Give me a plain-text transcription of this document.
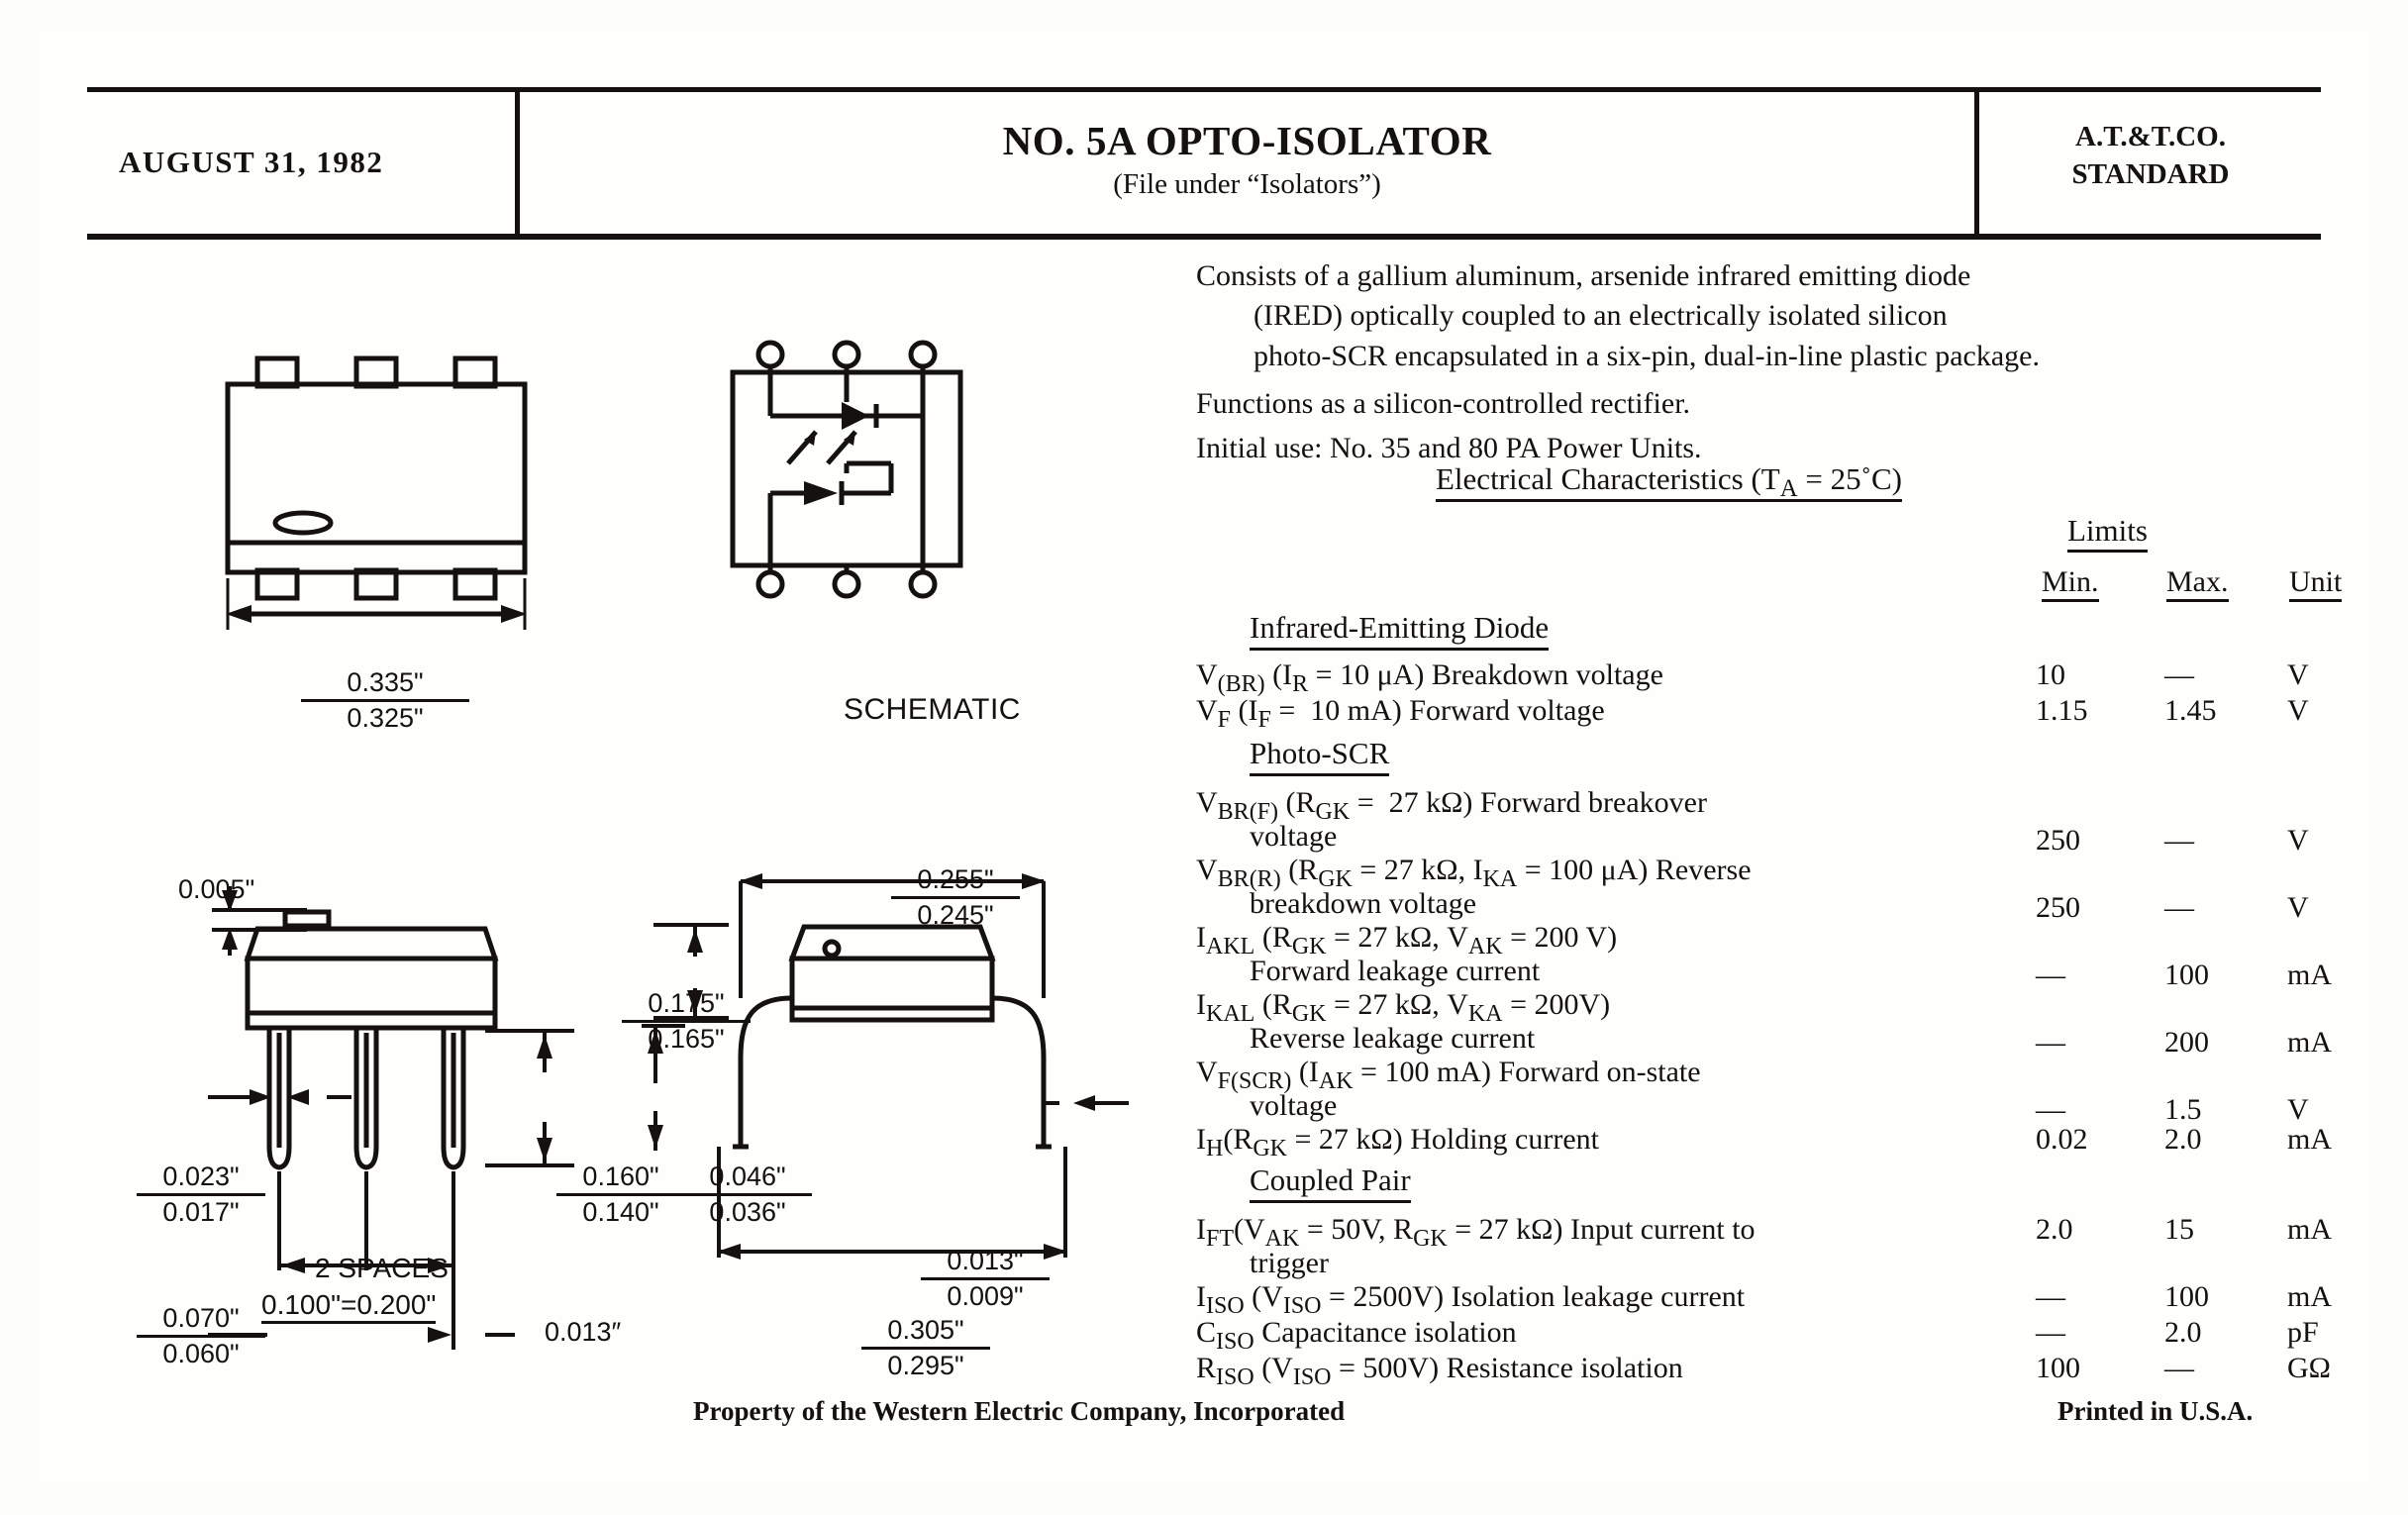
AUGUST 31, 1982	NO. 5A OPTO-ISOLATOR
(File under “Isolators”)
A.T.&T.CO.
STANDARD

Consists of a gallium aluminum, arsenide infrared emitting diode

(IRED) optically coupled to an electrically isolated silicon

photo-SCR encapsulated in a six-pin, dual-in-line plastic package.

Functions as a silicon-controlled rectifier.

Initial use: No. 35 and 80 PA Power Units.

Electrical Characteristics ($T_A$ = 25˚C)
Limits
Min. Max. Unit
Infrared-Emitting Diode
$V_{(BR)}$ ($I_R = 10$ μA) Breakdown voltage	10	—	V
$V_F$ ($I_F = 10$ mA) Forward voltage	1.15	1.45 V
Photo-SCR
$V_{BR(F)}$ ($R_{GK} = 27$ kΩ) Forward breakover
voltage	250	—	V
$V_{BR(R)}$ ($R_{GK} = 27$ kΩ, $I_{KA} = 100$ μA) Reverse
breakdown voltage	250	—	V
$I_{AKL}$ ($R_{GK} = 27$ kΩ, $V_{AK} = 200$ V)
Forward leakage current	—	100	mA
$I_{KAL}$ ($R_{GK} = 27$ kΩ, $V_{KA} = 200V$)
Reverse leakage current	—	200	mA
$V_{F(SCR)}$ ($I_{AK} = 100$ mA) Forward on-state
voltage	—	1.5	V
$I_H(R_{GK} = 27$ kΩ) Holding current	0.02	2.0	mA
Coupled Pair
$I_{FT}(V_{AK} = 50V$, $R_{GK} = 27$ kΩ) Input current to
trigger
2.0	15	mA
$I_{ISO}$ $(V_{ISO} = 2500V)$ Isolation leakage current	—	100	mA
$C_{ISO}$ Capacitance isolation	—	2.0	pF
$R_{ISO}$ $(V_{ISO} = 500V)$ Resistance isolation	100	—	GΩ
0.335"
0.325"	SCHEMATIC
0.005"
0.023"
0.017"
0.070"
0.060"
0.160"
0.140"
2 SPACES
0.100"=0.200"
0.013″
0.255"
0.245"
0.175"
0.165"
0.046"
0.036"
0.013"
0.009"
0.305"
0.295"
Property of the Western Electric Company, Incorporated	Printed in U.S.A.
